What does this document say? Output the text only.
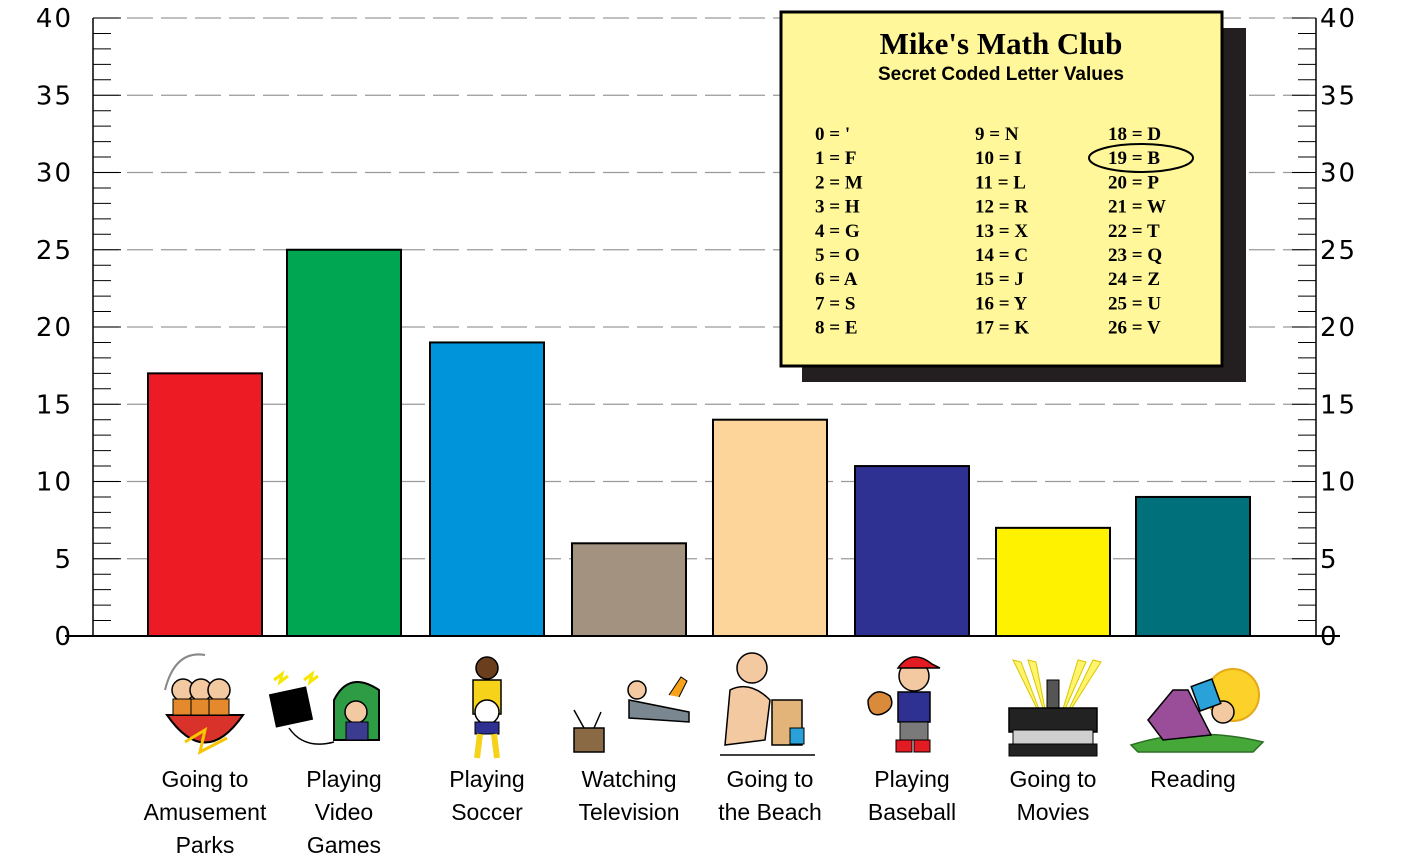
0	0
5	5
10	10
15	15
20	20
25	25
30	30
35	35
40	40
Going to Amusement Parks
Playing Video Games
Playing Soccer
Watching Television
Going to the Beach
Playing Baseball
Going to Movies
Reading
Mike's Math Club
Secret Coded Letter Values
0 = '
1 = F
2 = M
3 = H
4 = G
5 = O
6 = A
7 = S
8 = E
9 = N
10 = I
11 = L
12 = R
13 = X
14 = C
15 = J
16 = Y
17 = K
18 = D
19 = B
20 = P
21 = W
22 = T
23 = Q
24 = Z
25 = U
26 = V
